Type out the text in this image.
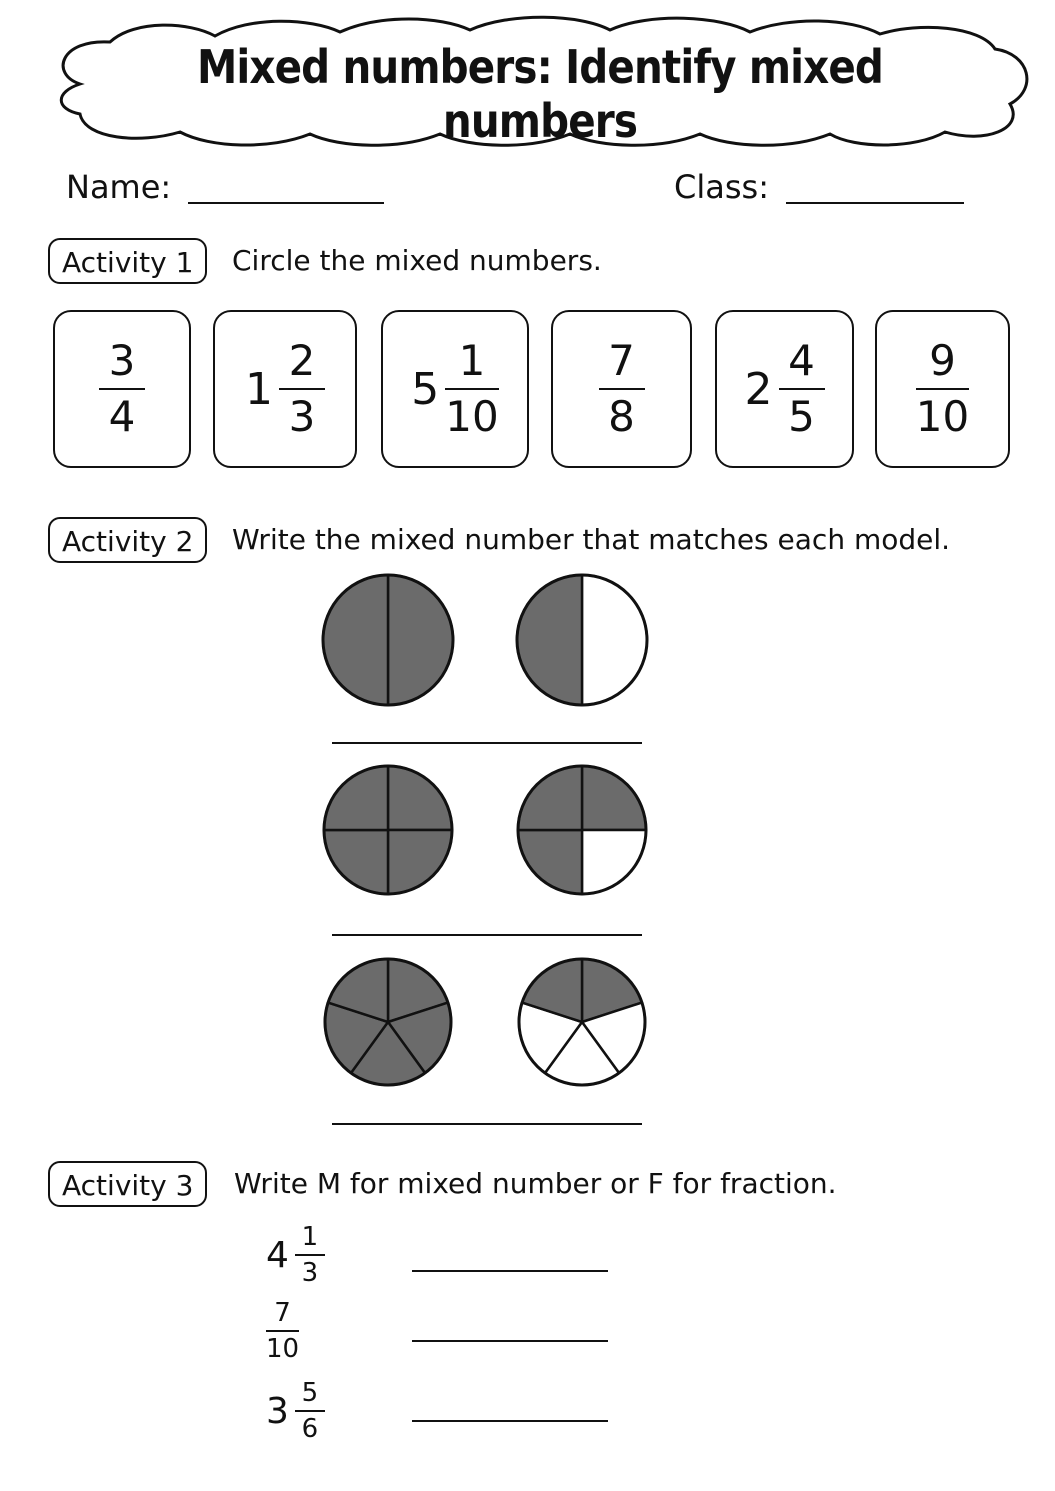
Mixed numbers: Identify mixed numbers
Name:	Class:
Activity 1	Circle the mixed numbers.
$\frac{3}{4} 1 \frac{2}{3} 5 \frac{1}{10} \frac{7}{8} 2 \frac{4}{5} \frac{9}{10}$
Activity 2	Write the mixed number that matches each model.
Activity 3	Write M for mixed number or F for fraction.
$4 \frac{1}{3}$
$\frac{7}{10}$
$3 \frac{5}{6}$
